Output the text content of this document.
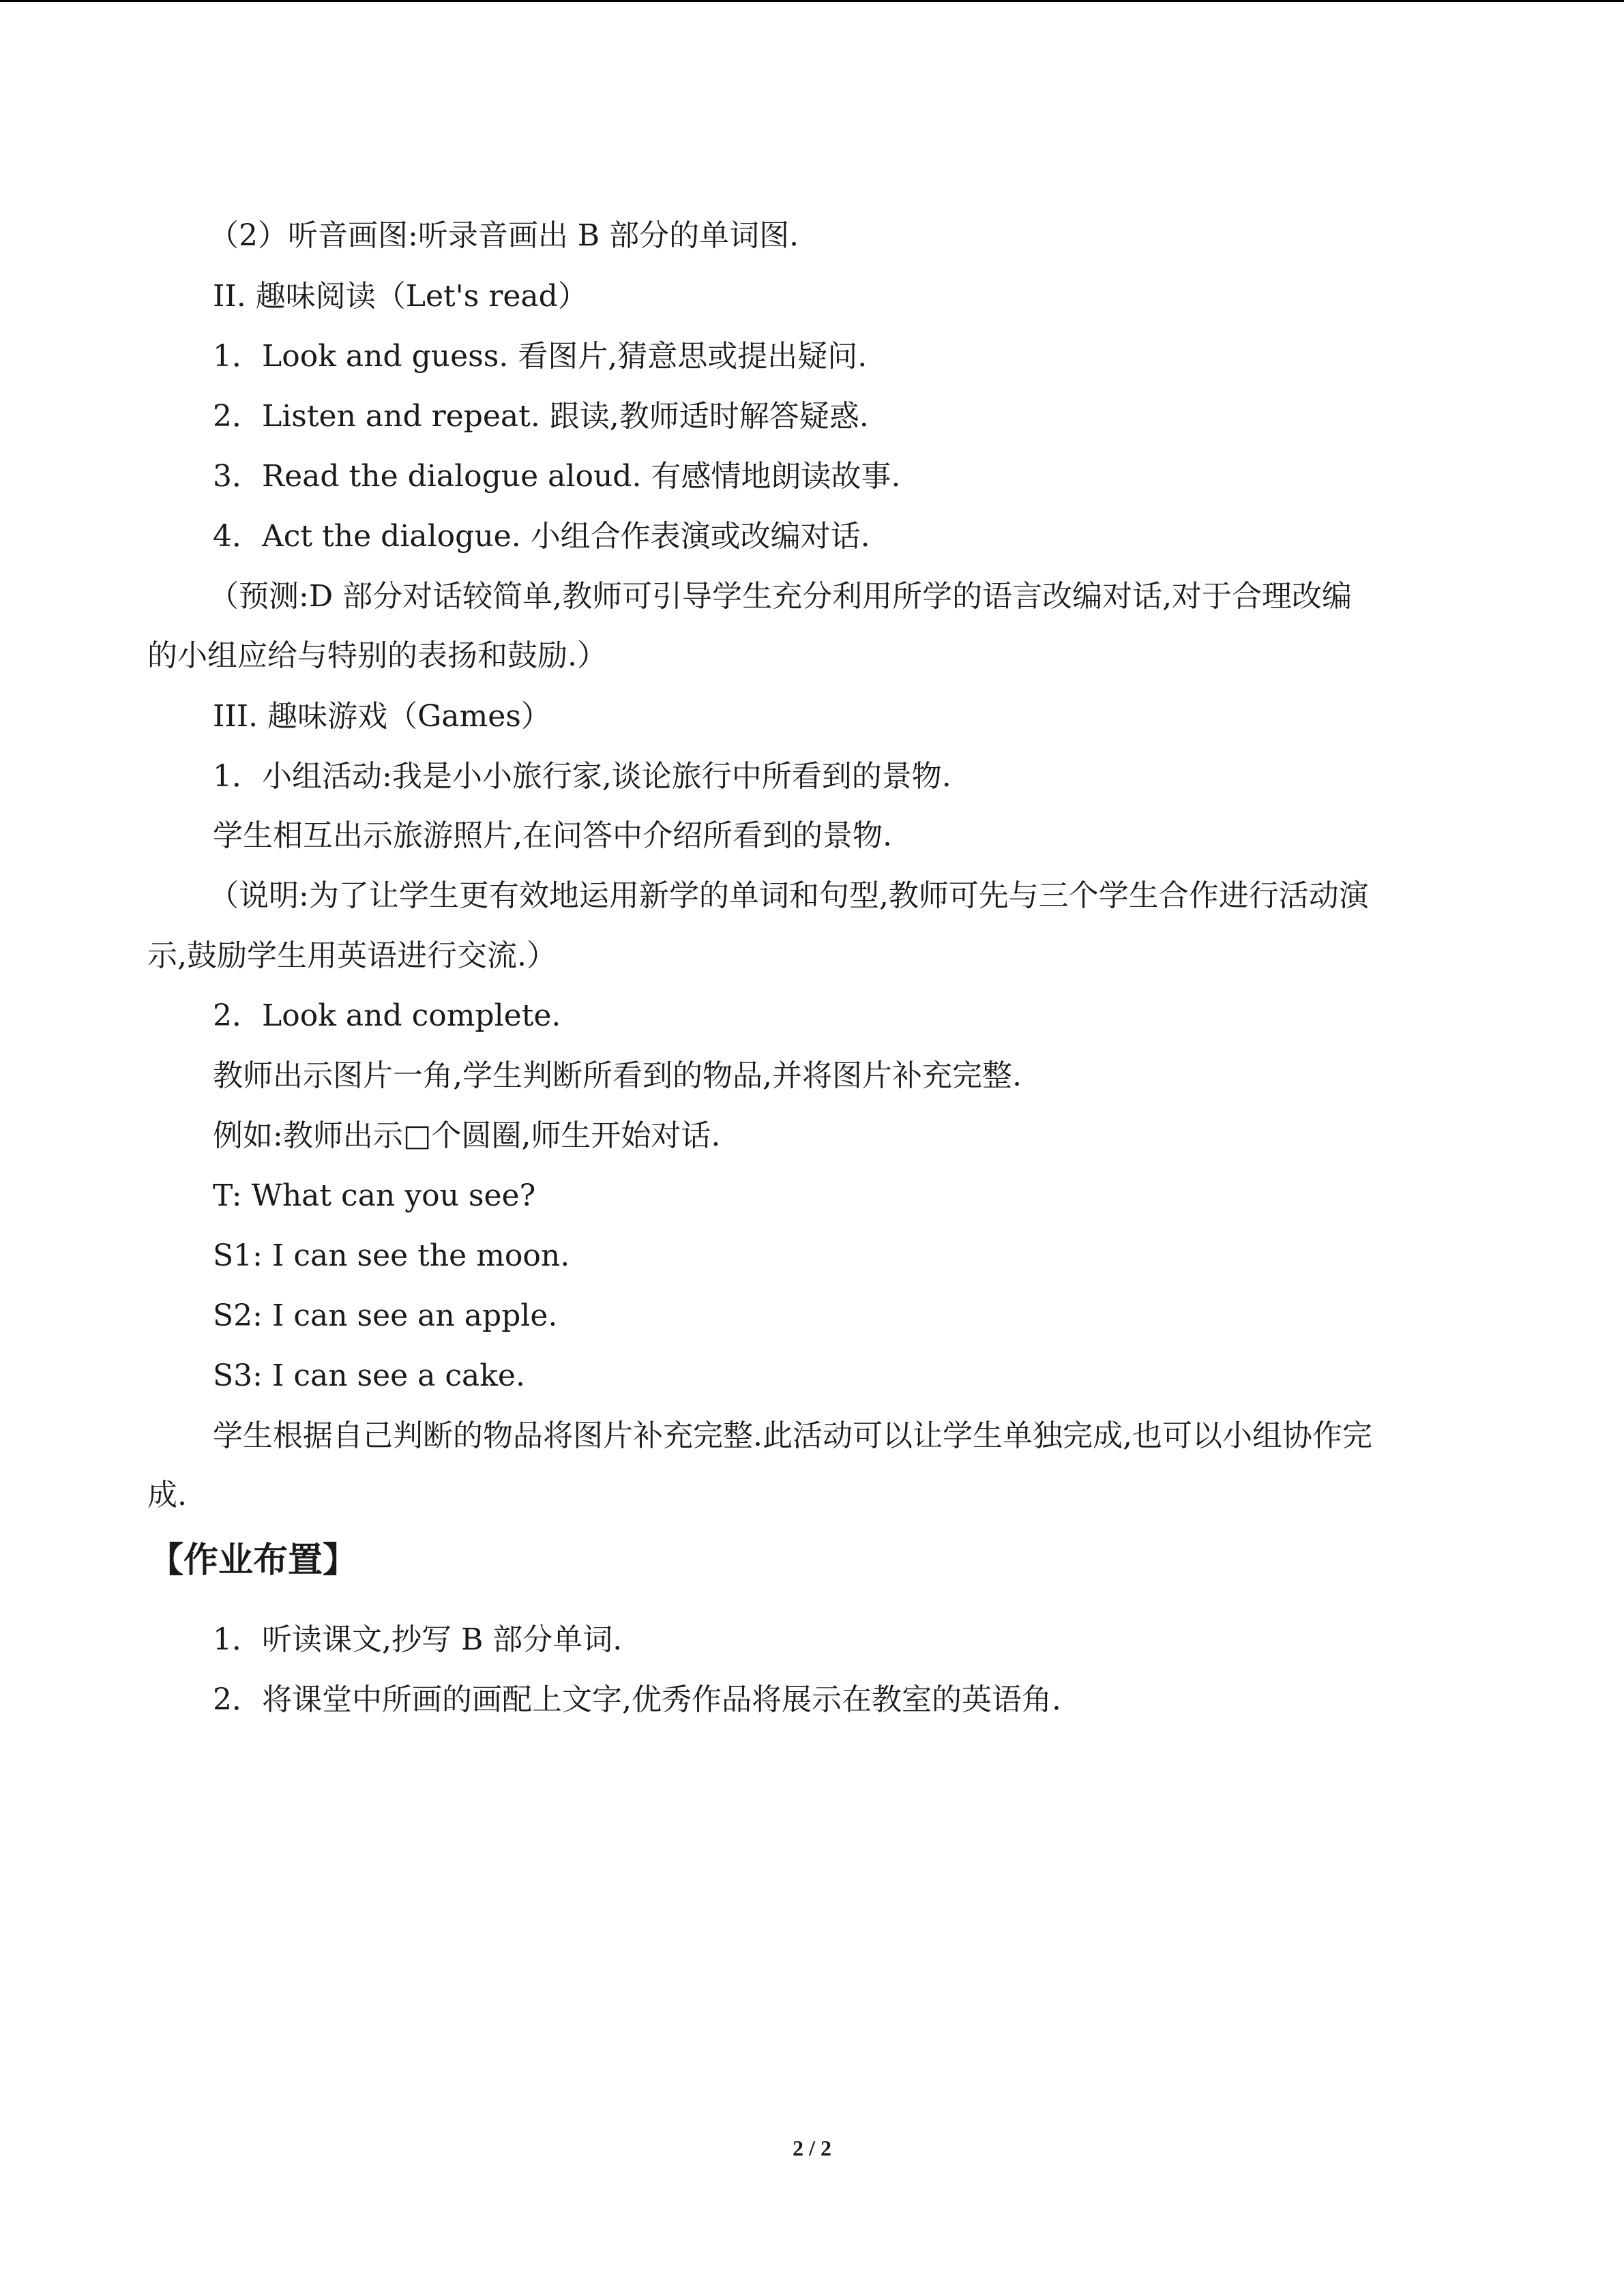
（2）听音画图:听录音画出 B 部分的单词图.
II. 趣味阅读（Let's read）
1．Look and guess. 看图片,猜意思或提出疑问.
2．Listen and repeat. 跟读,教师适时解答疑惑.
3．Read the dialogue aloud. 有感情地朗读故事.
4．Act the dialogue. 小组合作表演或改编对话.
（预测:D 部分对话较简单,教师可引导学生充分利用所学的语言改编对话,对于合理改编
的小组应给与特别的表扬和鼓励.）
III. 趣味游戏（Games）
1．小组活动:我是小小旅行家,谈论旅行中所看到的景物.
学生相互出示旅游照片,在问答中介绍所看到的景物.
（说明:为了让学生更有效地运用新学的单词和句型,教师可先与三个学生合作进行活动演
示,鼓励学生用英语进行交流.）
2．Look and complete.
教师出示图片一角,学生判断所看到的物品,并将图片补充完整.
例如:教师出示□个圆圈,师生开始对话.
T: What can you see?
S1: I can see the moon.
S2: I can see an apple.
S3: I can see a cake.
学生根据自己判断的物品将图片补充完整.此活动可以让学生单独完成,也可以小组协作完
成.
【作业布置】
1．听读课文,抄写 B 部分单词.
2．将课堂中所画的画配上文字,优秀作品将展示在教室的英语角.
2 / 2
